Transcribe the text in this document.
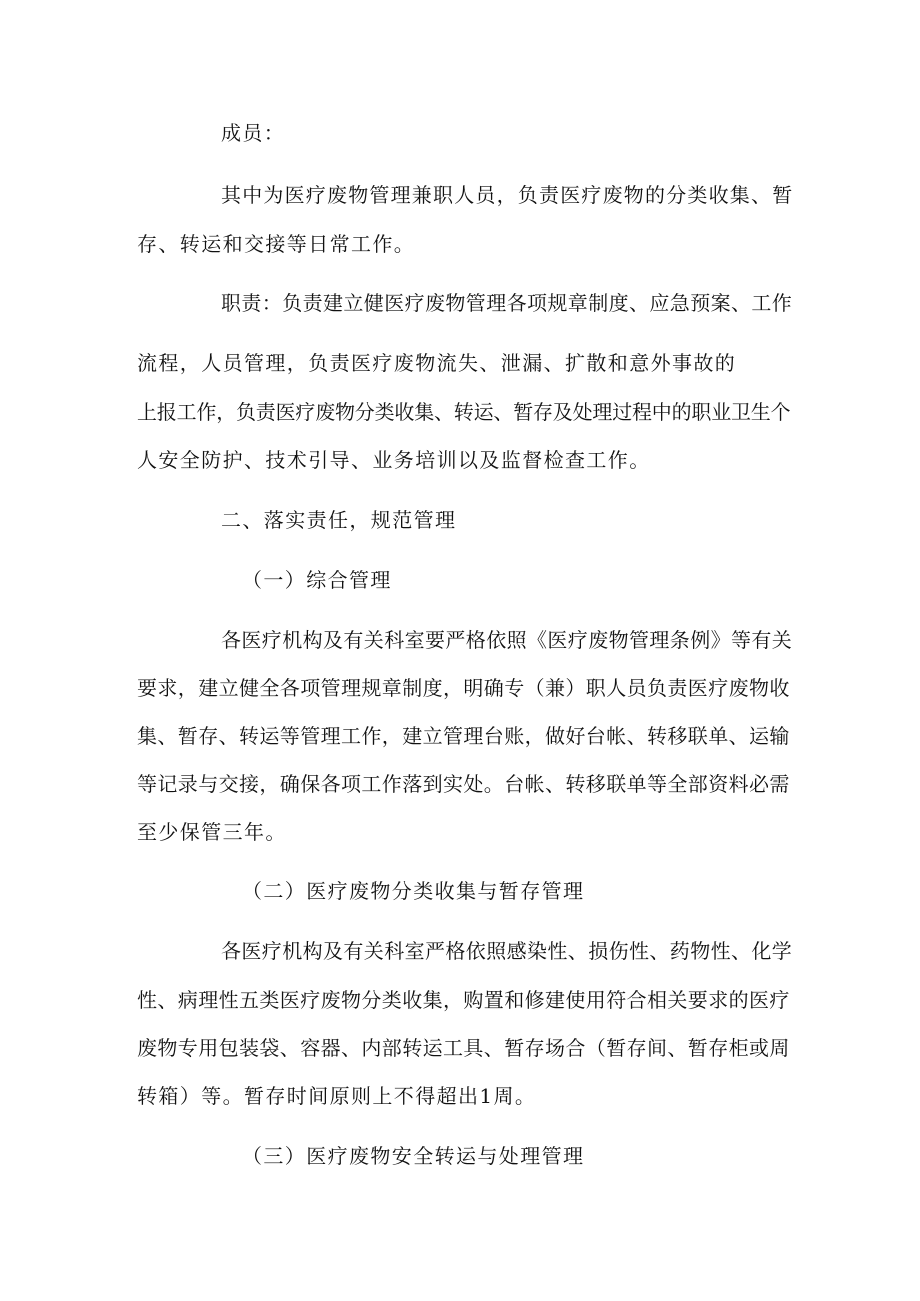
成员：
其中为医疗废物管理兼职人员，负责医疗废物的分类收集、暂
存、转运和交接等日常工作。
职责：负责建立健医疗废物管理各项规章制度、应急预案、工作
流程，人员管理，负责医疗废物流失、泄漏、扩散和意外事故的
上报工作，负责医疗废物分类收集、转运、暂存及处理过程中的职业卫生个
人安全防护、技术引导、业务培训以及监督检查工作。
二、落实责任，规范管理
（一）综合管理
各医疗机构及有关科室要严格依照《医疗废物管理条例》等有关
要求，建立健全各项管理规章制度，明确专（兼）职人员负责医疗废物收
集、暂存、转运等管理工作，建立管理台账，做好台帐、转移联单、运输
等记录与交接，确保各项工作落到实处。台帐、转移联单等全部资料必需
至少保管三年。
（二）医疗废物分类收集与暂存管理
各医疗机构及有关科室严格依照感染性、损伤性、药物性、化学
性、病理性五类医疗废物分类收集，购置和修建使用符合相关要求的医疗
废物专用包装袋、容器、内部转运工具、暂存场合（暂存间、暂存柜或周
转箱）等。暂存时间原则上不得超出1周。
（三）医疗废物安全转运与处理管理
